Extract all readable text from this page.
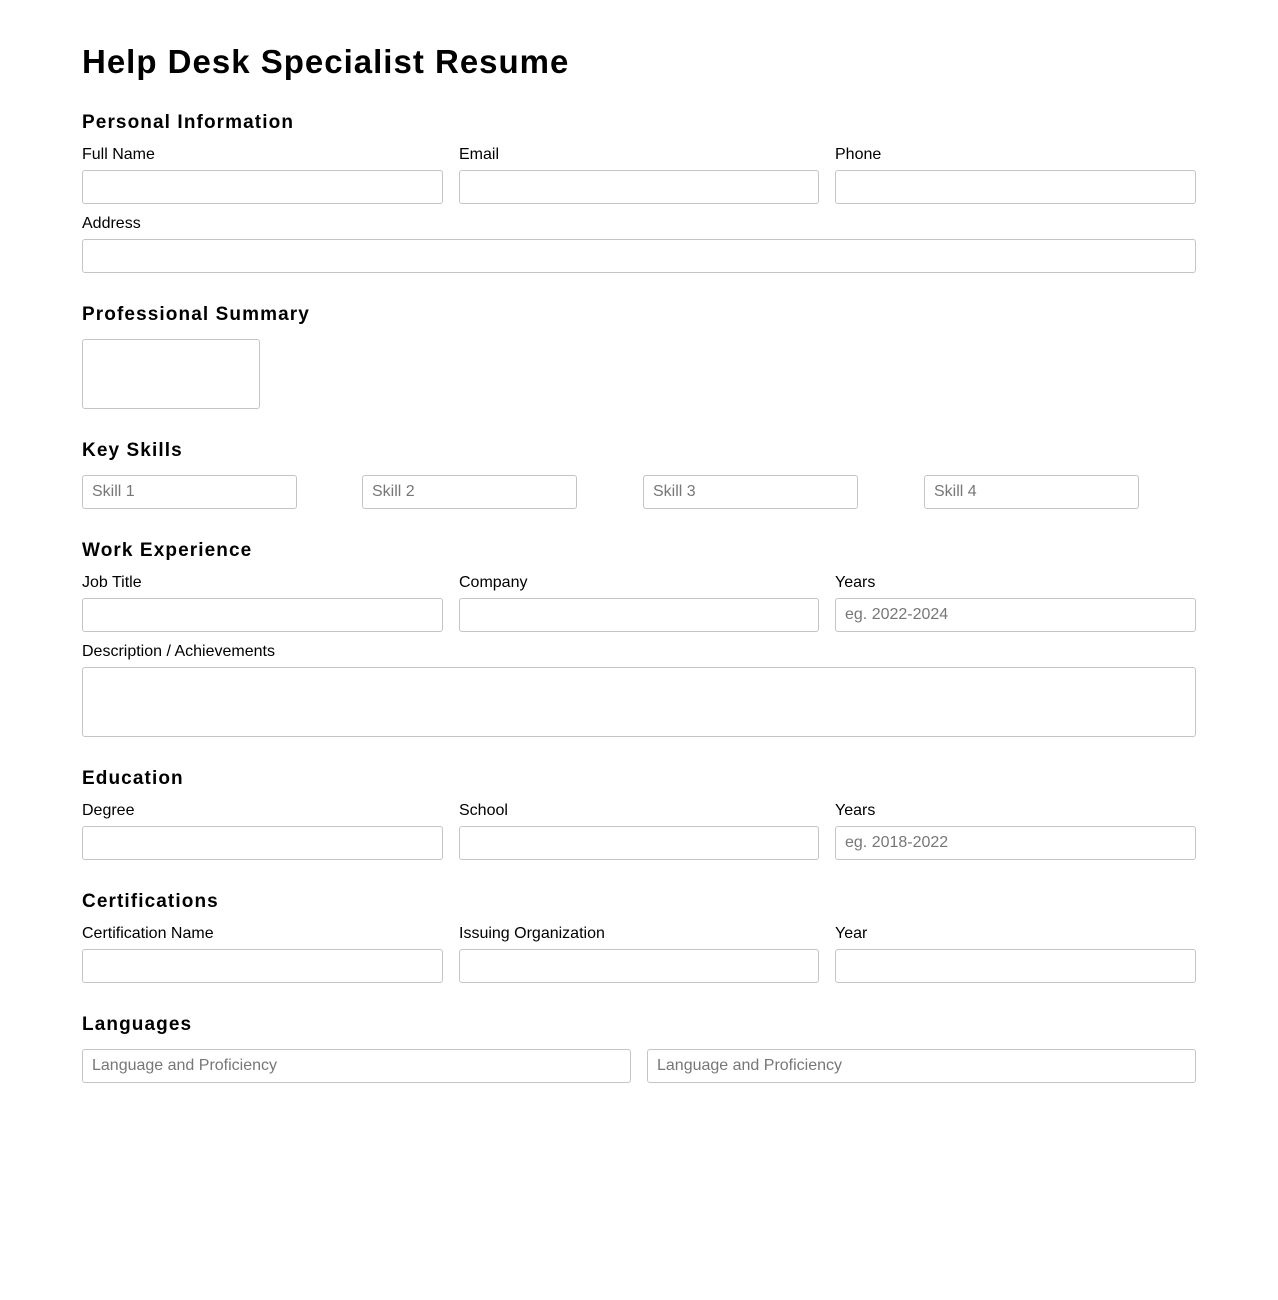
Help Desk Specialist Resume
Personal Information
Full Name	Email	Phone
Address
Professional Summary
Key Skills
Skill 1
Skill 2
Skill 3
Skill 4
Work Experience
Job Title	Company	Years
eg. 2022-2024
Description / Achievements
Education
Degree	School	Years
eg. 2018-2022
Certifications
Certification Name	Issuing Organization	Year
Languages
Language and Proficiency
Language and Proficiency
